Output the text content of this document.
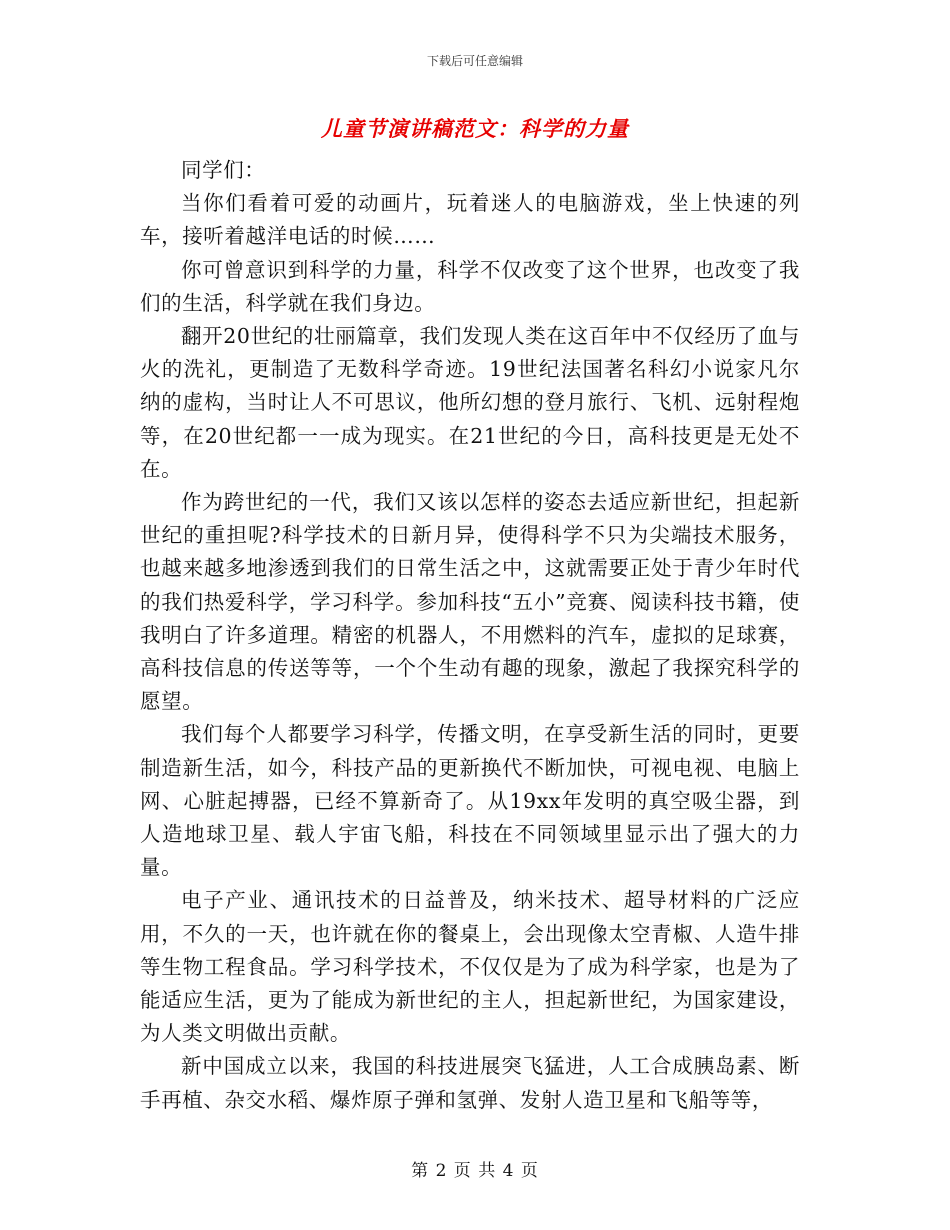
下载后可任意编辑
儿童节演讲稿范文：科学的力量

同学们：

当你们看着可爱的动画片，玩着迷人的电脑游戏，坐上快速的列车，接听着越洋电话的时候……

你可曾意识到科学的力量，科学不仅改变了这个世界，也改变了我们的生活，科学就在我们身边。

翻开20世纪的壮丽篇章，我们发现人类在这百年中不仅经历了血与火的洗礼，更制造了无数科学奇迹。19世纪法国著名科幻小说家凡尔纳的虚构，当时让人不可思议，他所幻想的登月旅行、飞机、远射程炮等，在20世纪都一一成为现实。在21世纪的今日，高科技更是无处不在。

作为跨世纪的一代，我们又该以怎样的姿态去适应新世纪，担起新世纪的重担呢?科学技术的日新月异，使得科学不只为尖端技术服务，也越来越多地渗透到我们的日常生活之中，这就需要正处于青少年时代的我们热爱科学，学习科学。参加科技“五小”竞赛、阅读科技书籍，使我明白了许多道理。精密的机器人，不用燃料的汽车，虚拟的足球赛，高科技信息的传送等等，一个个生动有趣的现象，激起了我探究科学的愿望。

我们每个人都要学习科学，传播文明，在享受新生活的同时，更要制造新生活，如今，科技产品的更新换代不断加快，可视电视、电脑上网、心脏起搏器，已经不算新奇了。从19xx年发明的真空吸尘器，到人造地球卫星、载人宇宙飞船，科技在不同领域里显示出了强大的力量。

电子产业、通讯技术的日益普及，纳米技术、超导材料的广泛应用，不久的一天，也许就在你的餐桌上，会出现像太空青椒、人造牛排等生物工程食品。学习科学技术，不仅仅是为了成为科学家，也是为了能适应生活，更为了能成为新世纪的主人，担起新世纪，为国家建设，为人类文明做出贡献。

新中国成立以来，我国的科技进展突飞猛进，人工合成胰岛素、断手再植、杂交水稻、爆炸原子弹和氢弹、发射人造卫星和飞船等等，

第 2 页 共 4 页
